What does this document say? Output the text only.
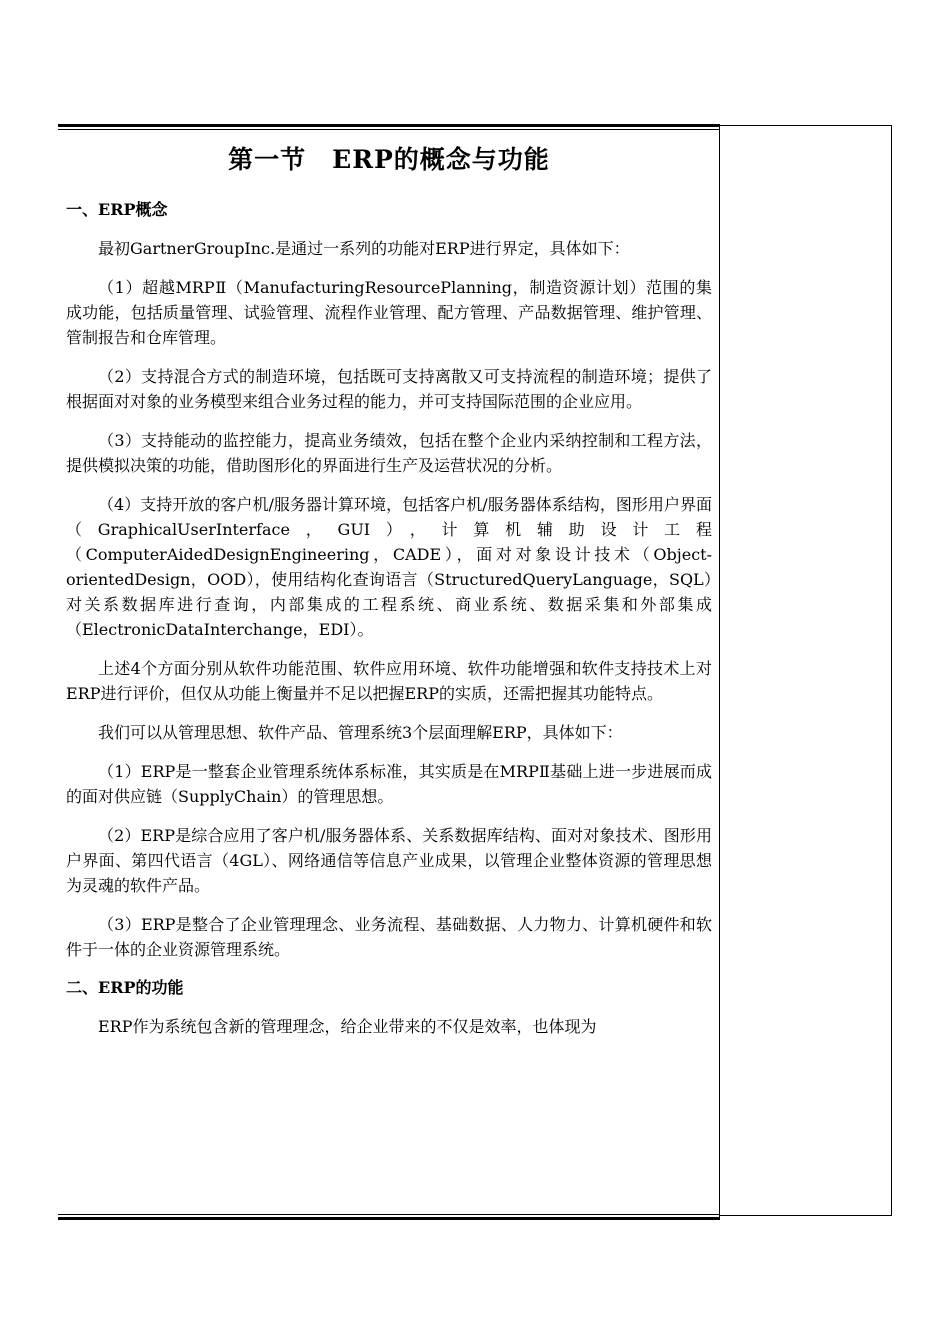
第一节　ERP的概念与功能
一、ERP概念

最初GartnerGroupInc.是通过一系列的功能对ERP进行界定，具体如下：

（1）超越MRPⅡ（ManufacturingResourcePlanning，制造资源计划）范围的集成功能，包括质量管理、试验管理、流程作业管理、配方管理、产品数据管理、维护管理、管制报告和仓库管理。

（2）支持混合方式的制造环境，包括既可支持离散又可支持流程的制造环境；提供了根据面对对象的业务模型来组合业务过程的能力，并可支持国际范围的企业应用。

（3）支持能动的监控能力，提高业务绩效，包括在整个企业内采纳控制和工程方法，提供模拟决策的功能，借助图形化的界面进行生产及运营状况的分析。

（4）支持开放的客户机/服务器计算环境，包括客户机/服务器体系结构，图形用户界面（GraphicalUserInterface，GUI），计算机辅助设计工程（ComputerAidedDesignEngineering，CADE），面对对象设计技术（Object-orientedDesign，OOD），使用结构化查询语言（StructuredQueryLanguage，SQL）对关系数据库进行查询，内部集成的工程系统、商业系统、数据采集和外部集成（ElectronicDataInterchange，EDI）。

上述4个方面分别从软件功能范围、软件应用环境、软件功能增强和软件支持技术上对ERP进行评价，但仅从功能上衡量并不足以把握ERP的实质，还需把握其功能特点。

我们可以从管理思想、软件产品、管理系统3个层面理解ERP，具体如下：

（1）ERP是一整套企业管理系统体系标准，其实质是在MRPⅡ基础上进一步进展而成的面对供应链（SupplyChain）的管理思想。

（2）ERP是综合应用了客户机/服务器体系、关系数据库结构、面对对象技术、图形用户界面、第四代语言（4GL）、网络通信等信息产业成果，以管理企业整体资源的管理思想为灵魂的软件产品。

（3）ERP是整合了企业管理理念、业务流程、基础数据、人力物力、计算机硬件和软件于一体的企业资源管理系统。

二、ERP的功能

ERP作为系统包含新的管理理念，给企业带来的不仅是效率，也体现为
